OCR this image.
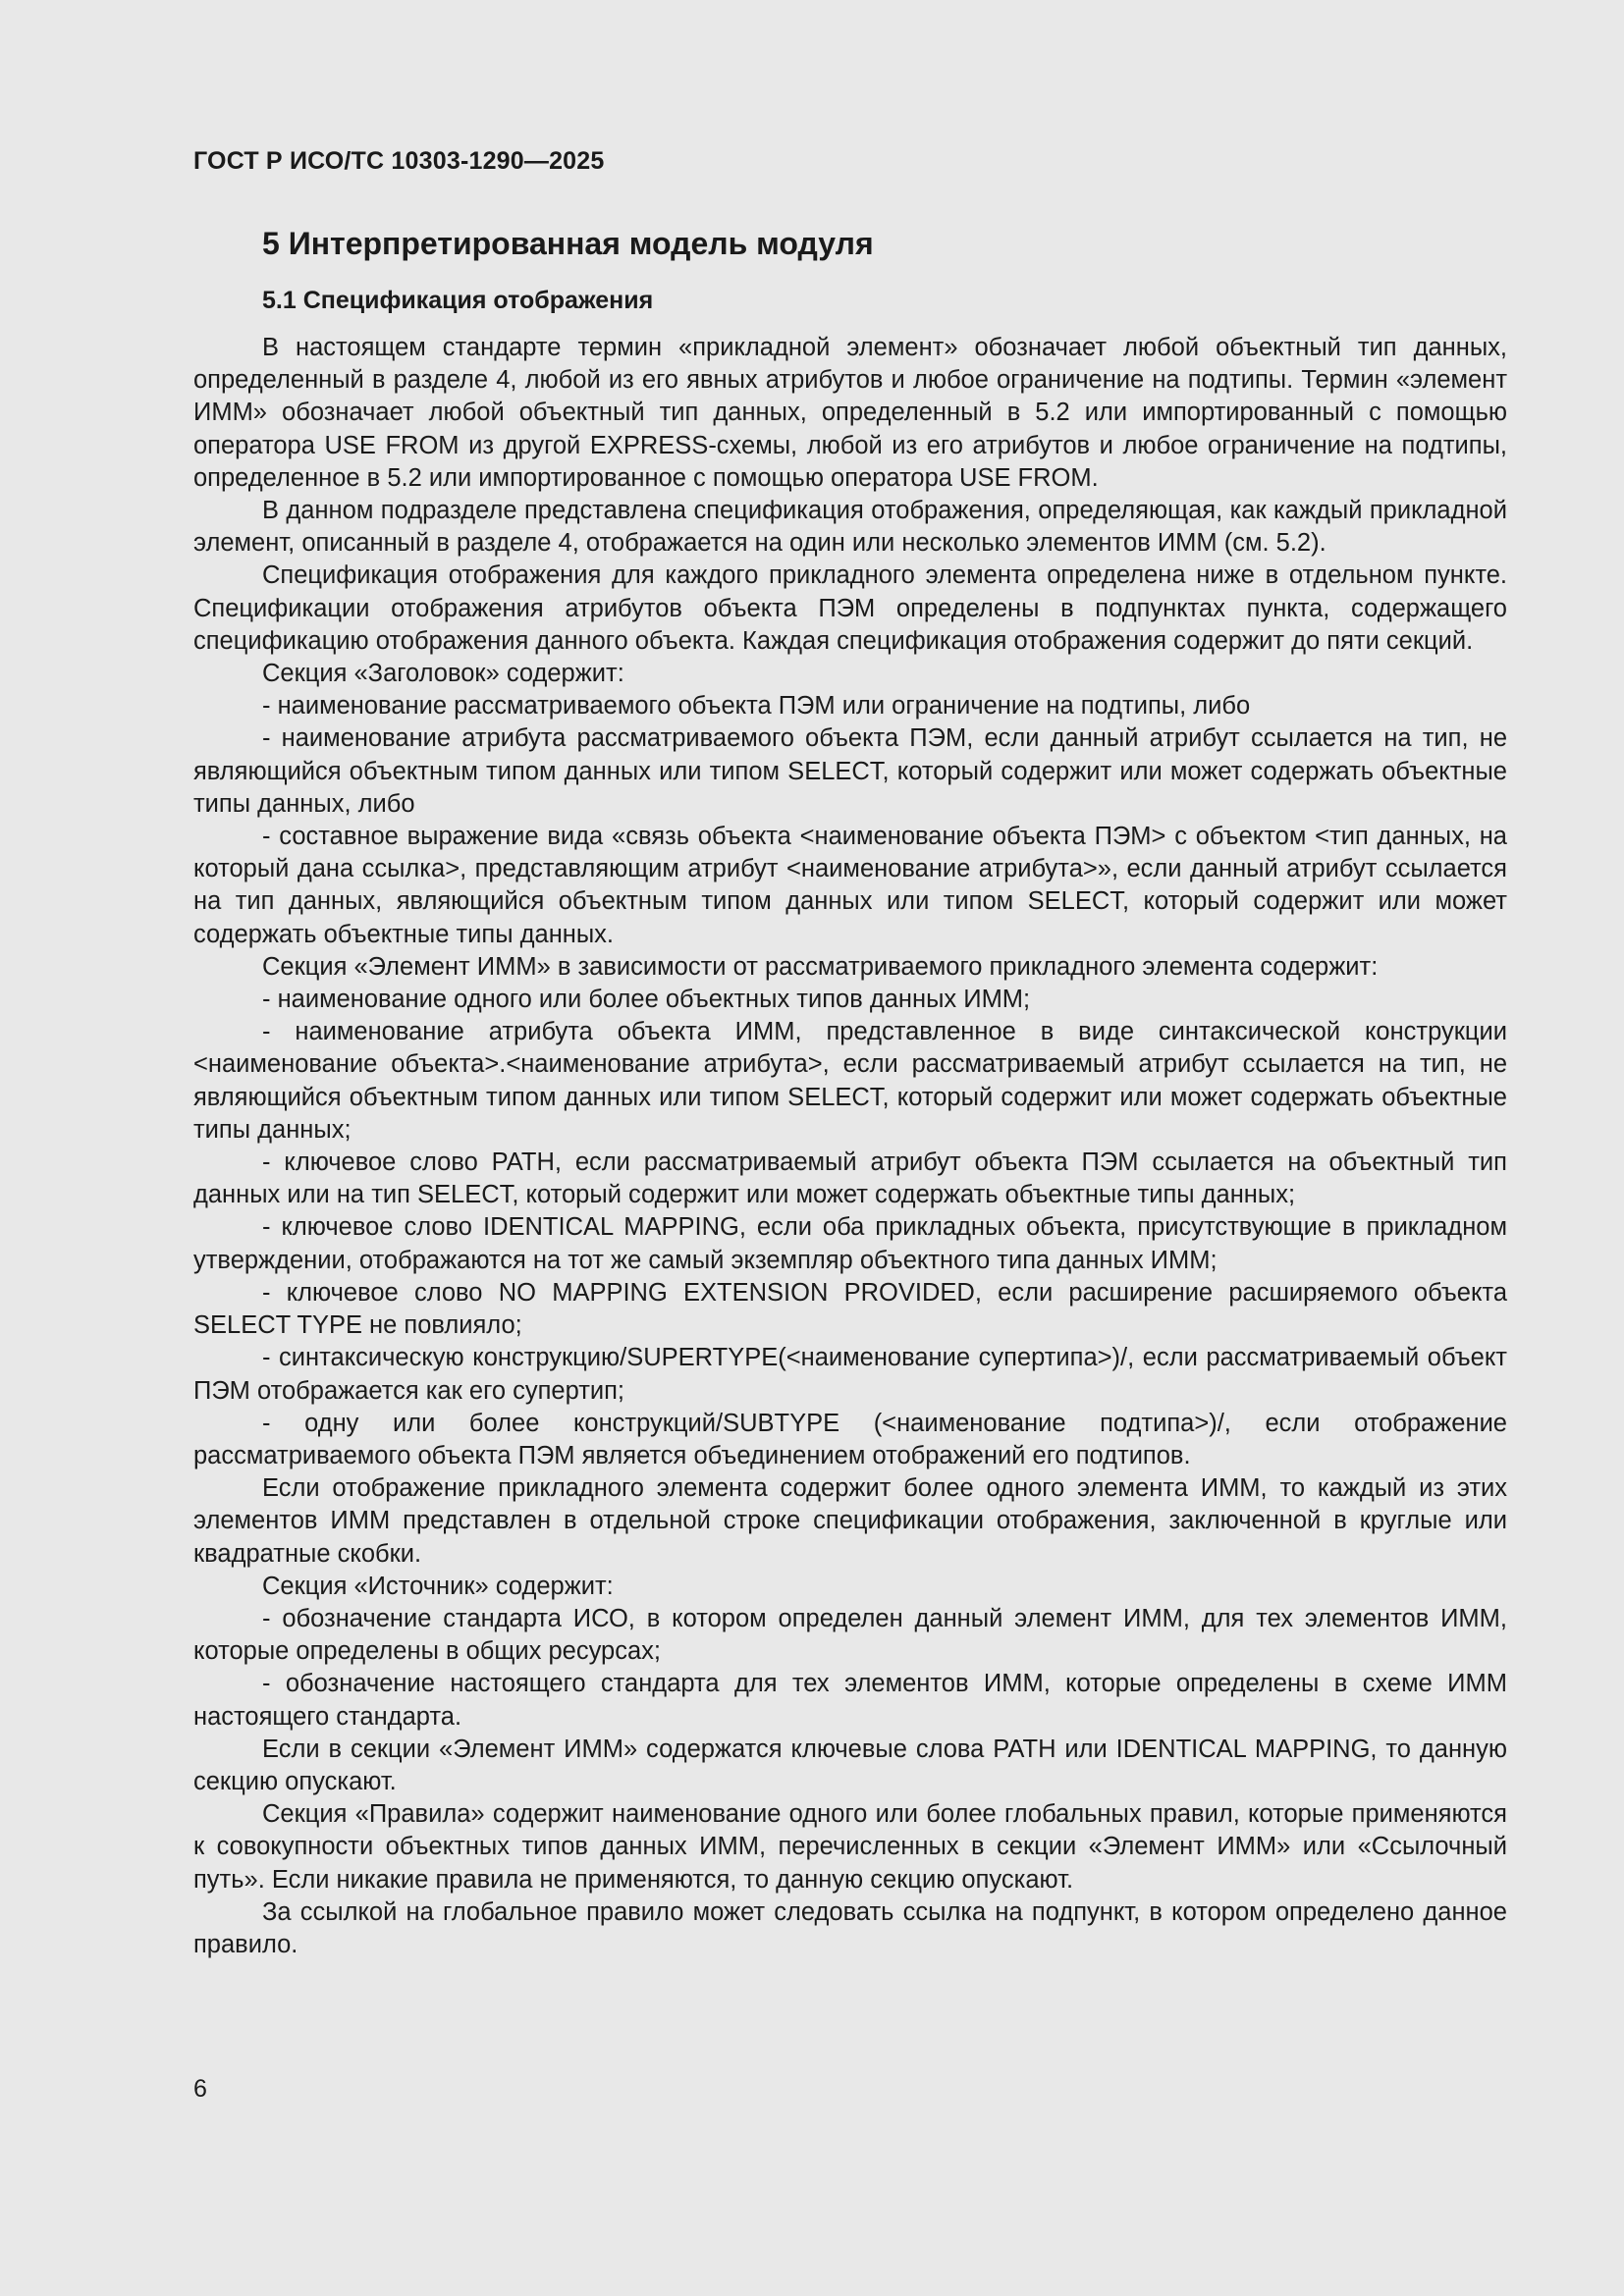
ГОСТ Р ИСО/ТС 10303-1290—2025
5 Интерпретированная модель модуля
5.1 Спецификация отображения

В настоящем стандарте термин «прикладной элемент» обозначает любой объектный тип данных, определенный в разделе 4, любой из его явных атрибутов и любое ограничение на подтипы. Термин «элемент ИММ» обозначает любой объектный тип данных, определенный в 5.2 или импортированный с помощью оператора USE FROM из другой EXPRESS-схемы, любой из его атрибутов и любое ограничение на подтипы, определенное в 5.2 или импортированное с помощью оператора USE FROM.

В данном подразделе представлена спецификация отображения, определяющая, как каждый прикладной элемент, описанный в разделе 4, отображается на один или несколько элементов ИММ (см. 5.2).

Спецификация отображения для каждого прикладного элемента определена ниже в отдельном пункте. Спецификации отображения атрибутов объекта ПЭМ определены в подпунктах пункта, содержащего спецификацию отображения данного объекта. Каждая спецификация отображения содержит до пяти секций.

Секция «Заголовок» содержит:

- наименование рассматриваемого объекта ПЭМ или ограничение на подтипы, либо

- наименование атрибута рассматриваемого объекта ПЭМ, если данный атрибут ссылается на тип, не являющийся объектным типом данных или типом SELECT, который содержит или может содержать объектные типы данных, либо

- составное выражение вида «связь объекта <наименование объекта ПЭМ> с объектом <тип данных, на который дана ссылка>, представляющим атрибут <наименование атрибута>», если данный атрибут ссылается на тип данных, являющийся объектным типом данных или типом SELECT, который содержит или может содержать объектные типы данных.

Секция «Элемент ИММ» в зависимости от рассматриваемого прикладного элемента содержит:

- наименование одного или более объектных типов данных ИММ;

- наименование атрибута объекта ИММ, представленное в виде синтаксической конструкции <наименование объекта>.<наименование атрибута>, если рассматриваемый атрибут ссылается на тип, не являющийся объектным типом данных или типом SELECT, который содержит или может содержать объектные типы данных;

- ключевое слово PATH, если рассматриваемый атрибут объекта ПЭМ ссылается на объектный тип данных или на тип SELECT, который содержит или может содержать объектные типы данных;

- ключевое слово IDENTICAL MAPPING, если оба прикладных объекта, присутствующие в прикладном утверждении, отображаются на тот же самый экземпляр объектного типа данных ИММ;

- ключевое слово NO MAPPING EXTENSION PROVIDED, если расширение расширяемого объекта SELECT TYPE не повлияло;

- синтаксическую конструкцию/SUPERTYPE(<наименование супертипа>)/, если рассматриваемый объект ПЭМ отображается как его супертип;

- одну или более конструкций/SUBTYPE (<наименование подтипа>)/, если отображение рассматриваемого объекта ПЭМ является объединением отображений его подтипов.

Если отображение прикладного элемента содержит более одного элемента ИММ, то каждый из этих элементов ИММ представлен в отдельной строке спецификации отображения, заключенной в круглые или квадратные скобки.

Секция «Источник» содержит:

- обозначение стандарта ИСО, в котором определен данный элемент ИММ, для тех элементов ИММ, которые определены в общих ресурсах;

- обозначение настоящего стандарта для тех элементов ИММ, которые определены в схеме ИММ настоящего стандарта.

Если в секции «Элемент ИММ» содержатся ключевые слова PATH или IDENTICAL MAPPING, то данную секцию опускают.

Секция «Правила» содержит наименование одного или более глобальных правил, которые применяются к совокупности объектных типов данных ИММ, перечисленных в секции «Элемент ИММ» или «Ссылочный путь». Если никакие правила не применяются, то данную секцию опускают.

За ссылкой на глобальное правило может следовать ссылка на подпункт, в котором определено данное правило.

6
